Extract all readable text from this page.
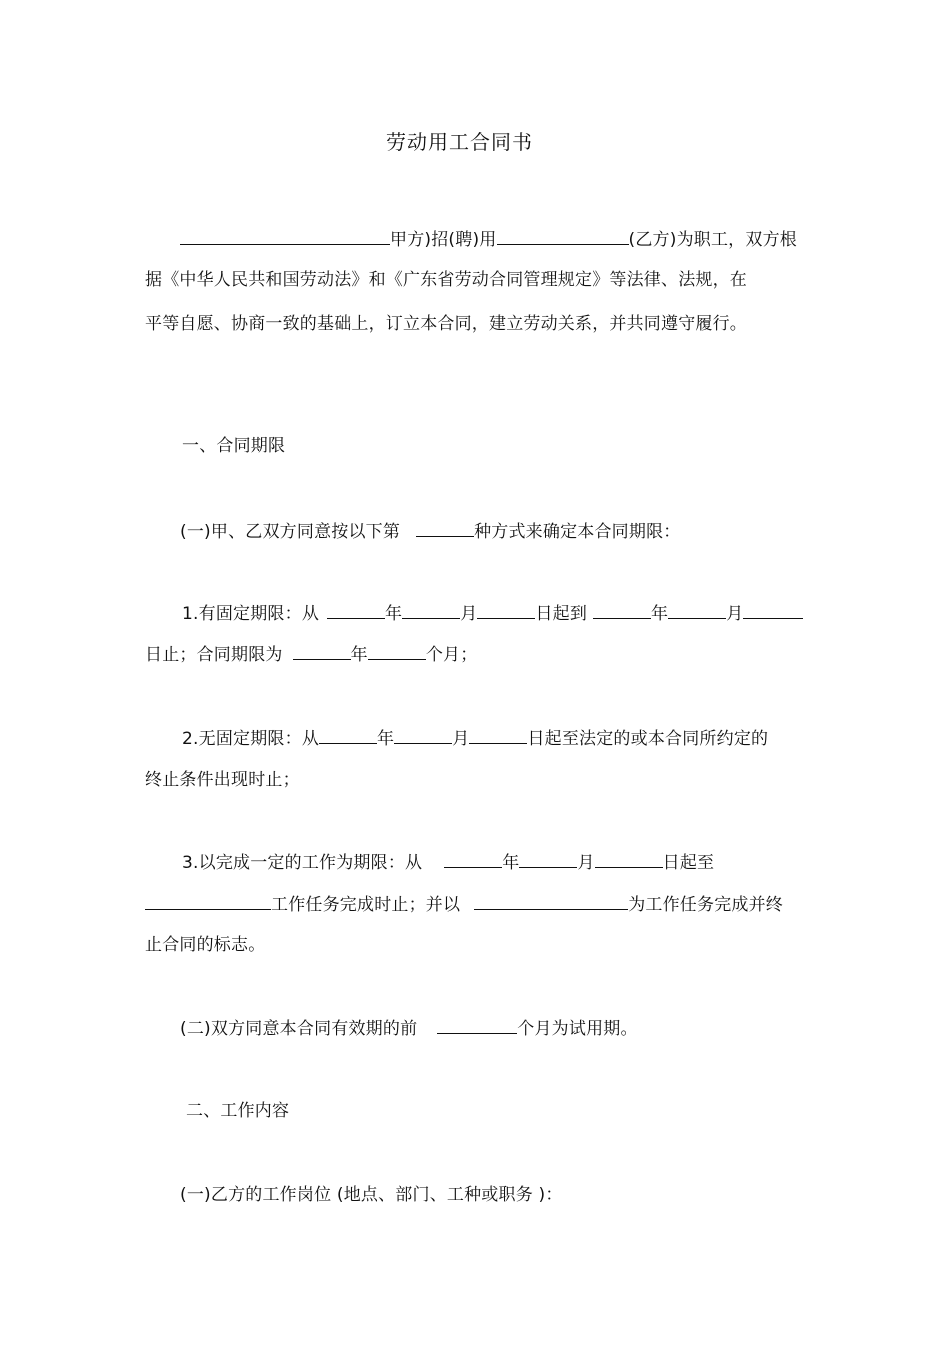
劳动用工合同书
甲方)招(聘)用	(乙方)为职工，双方根
据《中华人民共和国劳动法》和《广东省劳动合同管理规定》等法律、法规，在
平等自愿、协商一致的基础上，订立本合同，建立劳动关系，并共同遵守履行。
一、合同期限
(一)甲、乙双方同意按以下第	种方式来确定本合同期限：
1.有固定期限：从	年	月	日起到	年	月
日止；合同期限为	年	个月；
2.无固定期限：从	年	月	日起至法定的或本合同所约定的
终止条件出现时止；
3.以完成一定的工作为期限：从	年	月	日起至
工作任务完成时止；并以	为工作任务完成并终
止合同的标志。
(二)双方同意本合同有效期的前	个月为试用期。
二、工作内容
(一)乙方的工作岗位 (地点、部门、工种或职务 )：
